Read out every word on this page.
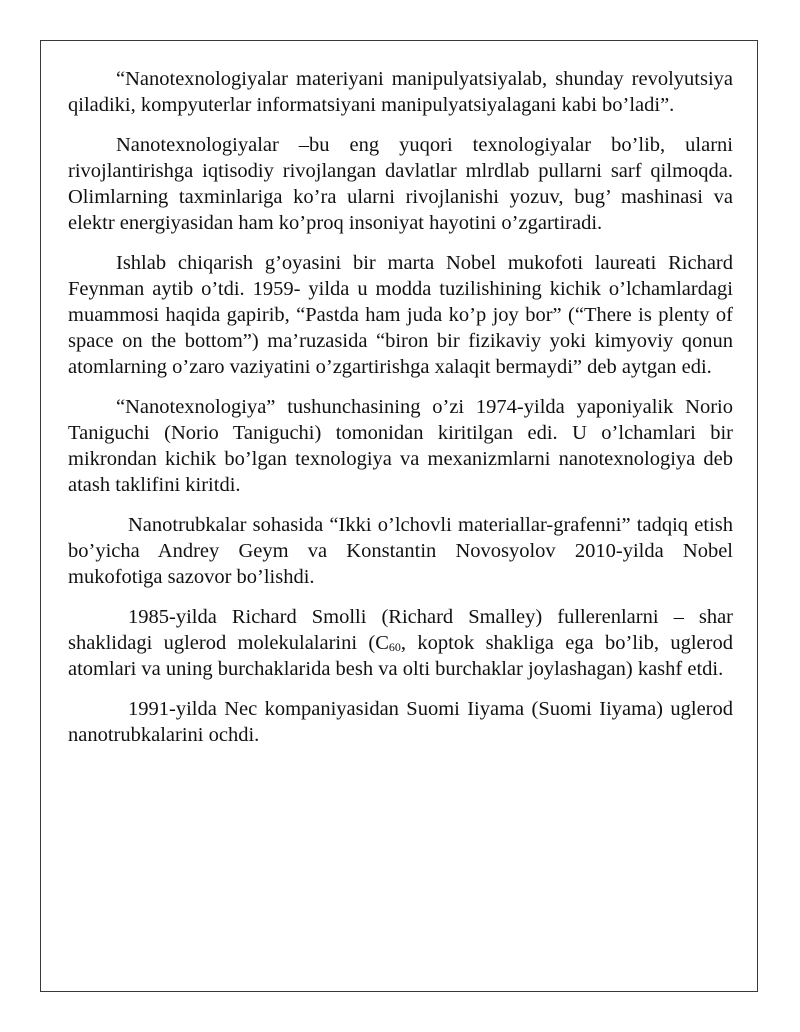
“Nanotexnologiyalar materiyani manipulyatsiyalab, shunday revolyutsiya qiladiki, kompyuterlar informatsiyani manipulyatsiyalagani kabi bo’ladi”.

Nanotexnologiyalar –bu eng yuqori texnologiyalar bo’lib, ularni rivojlantirishga iqtisodiy rivojlangan davlatlar mlrdlab pullarni sarf qilmoqda. Olimlarning taxminlariga ko’ra ularni rivojlanishi yozuv, bug’ mashinasi va elektr energiyasidan ham ko’proq insoniyat hayotini o’zgartiradi.

Ishlab chiqarish g’oyasini bir marta Nobel mukofoti laureati Richard Feynman aytib o’tdi. 1959- yilda u modda tuzilishining kichik o’lchamlardagi muammosi haqida gapirib, “Pastda ham juda ko’p joy bor” (“There is plenty of space on the bottom”) ma’ruzasida “biron bir fizikaviy yoki kimyoviy qonun atomlarning o’zaro vaziyatini o’zgartirishga xalaqit bermaydi” deb aytgan edi.

“Nanotexnologiya” tushunchasining o’zi 1974-yilda yaponiyalik Norio Taniguchi (Norio Taniguchi) tomonidan kiritilgan edi. U o’lchamlari bir mikrondan kichik bo’lgan texnologiya va mexanizmlarni nanotexnologiya deb atash taklifini kiritdi.

Nanotrubkalar sohasida “Ikki o’lchovli materiallar-grafenni” tadqiq etish bo’yicha Andrey Geym va Konstantin Novosyolov 2010-yilda Nobel mukofotiga sazovor bo’lishdi.

1985-yilda Richard Smolli (Richard Smalley) fullerenlarni – shar shaklidagi uglerod molekulalarini ($C_{60}$, koptok shakliga ega bo’lib, uglerod atomlari va uning burchaklarida besh va olti burchaklar joylashagan) kashf etdi.

1991-yilda Nec kompaniyasidan Suomi Iiyama (Suomi Iiyama) uglerod nanotrubkalarini ochdi.
